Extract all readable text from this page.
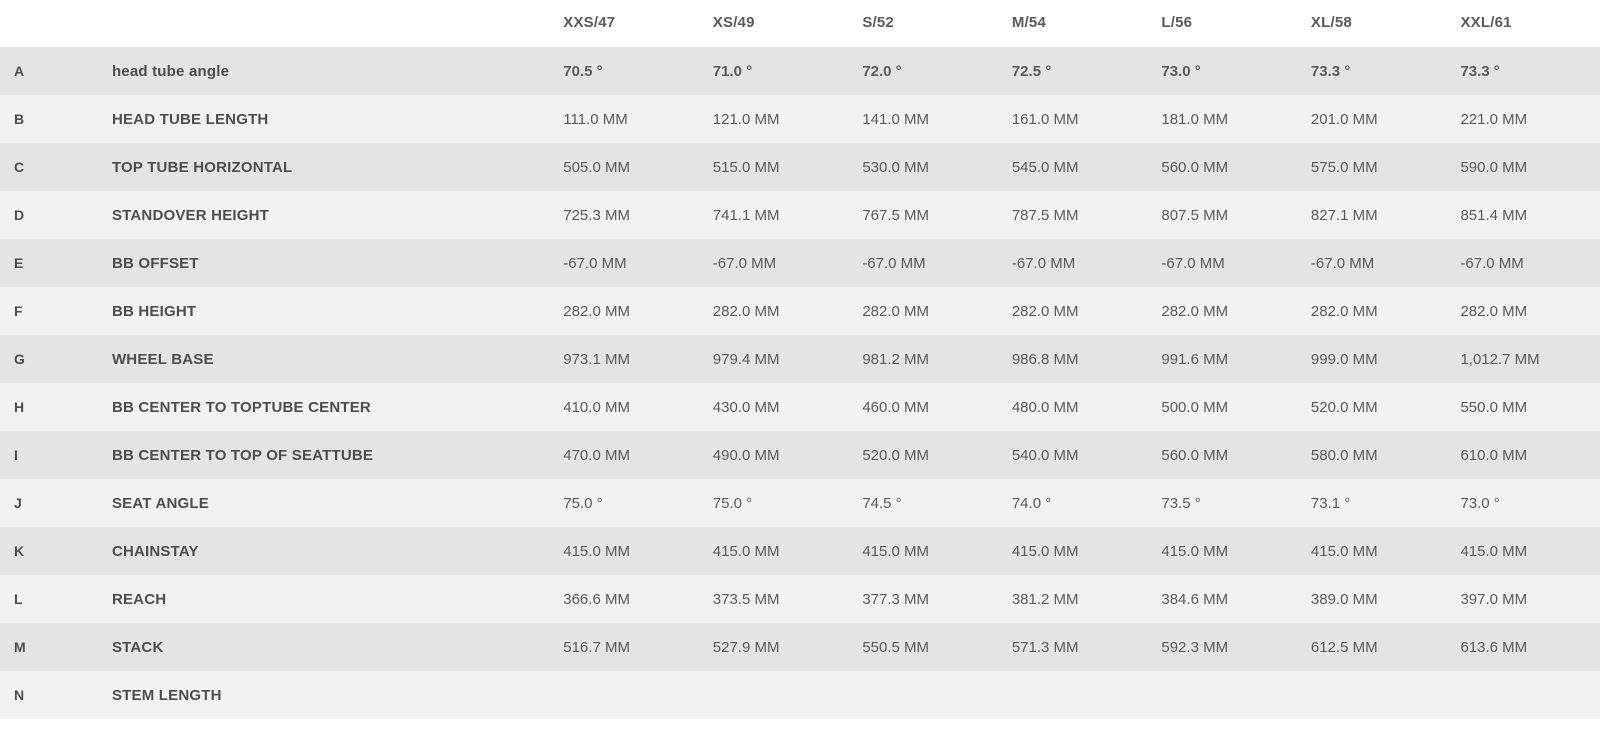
		XXS/47	XS/49	S/52	M/54	L/56	XL/58	XXL/61
A	head tube angle	70.5 °	71.0 °	72.0 °	72.5 °	73.0 °	73.3 °	73.3 °
B	HEAD TUBE LENGTH	111.0 MM	121.0 MM	141.0 MM	161.0 MM	181.0 MM	201.0 MM	221.0 MM
C	TOP TUBE HORIZONTAL	505.0 MM	515.0 MM	530.0 MM	545.0 MM	560.0 MM	575.0 MM	590.0 MM
D	STANDOVER HEIGHT	725.3 MM	741.1 MM	767.5 MM	787.5 MM	807.5 MM	827.1 MM	851.4 MM
E	BB OFFSET	-67.0 MM	-67.0 MM	-67.0 MM	-67.0 MM	-67.0 MM	-67.0 MM	-67.0 MM
F	BB HEIGHT	282.0 MM	282.0 MM	282.0 MM	282.0 MM	282.0 MM	282.0 MM	282.0 MM
G	WHEEL BASE	973.1 MM	979.4 MM	981.2 MM	986.8 MM	991.6 MM	999.0 MM	1,012.7 MM
H	BB CENTER TO TOPTUBE CENTER	410.0 MM	430.0 MM	460.0 MM	480.0 MM	500.0 MM	520.0 MM	550.0 MM
I	BB CENTER TO TOP OF SEATTUBE	470.0 MM	490.0 MM	520.0 MM	540.0 MM	560.0 MM	580.0 MM	610.0 MM
J	SEAT ANGLE	75.0 °	75.0 °	74.5 °	74.0 °	73.5 °	73.1 °	73.0 °
K	CHAINSTAY	415.0 MM	415.0 MM	415.0 MM	415.0 MM	415.0 MM	415.0 MM	415.0 MM
L	REACH	366.6 MM	373.5 MM	377.3 MM	381.2 MM	384.6 MM	389.0 MM	397.0 MM
M	STACK	516.7 MM	527.9 MM	550.5 MM	571.3 MM	592.3 MM	612.5 MM	613.6 MM
N	STEM LENGTH							
